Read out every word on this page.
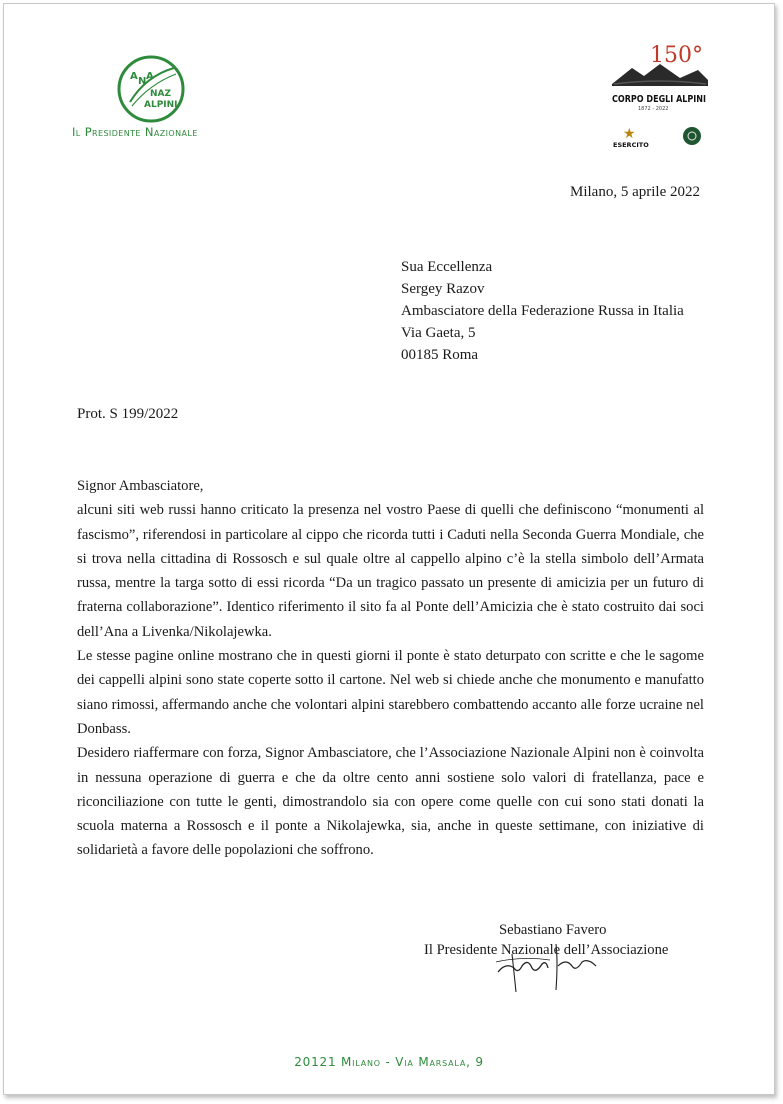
A N A
NAZ
ALPINI
Il Presidente Nazionale
150°
CORPO DEGLI ALPINI
1872 - 2022
★
ESERCITO
Milano, 5 aprile 2022
Sua Eccellenza
Sergey Razov
Ambasciatore della Federazione Russa in Italia
Via Gaeta, 5
00185 Roma
Prot. S 199/2022

Signor Ambasciatore,

alcuni siti web russi hanno criticato la presenza nel vostro Paese di quelli che definiscono “monumenti al fascismo”, riferendosi in particolare al cippo che ricorda tutti i Caduti nella Seconda Guerra Mondiale, che si trova nella cittadina di Rossosch e sul quale oltre al cappello alpino c’è la stella simbolo dell’Armata russa, mentre la targa sotto di essi ricorda “Da un tragico passato un presente di amicizia per un futuro di fraterna collaborazione”. Identico riferimento il sito fa al Ponte dell’Amicizia che è stato costruito dai soci dell’Ana a Livenka/Nikolajewka.

Le stesse pagine online mostrano che in questi giorni il ponte è stato deturpato con scritte e che le sagome dei cappelli alpini sono state coperte sotto il cartone. Nel web si chiede anche che monumento e manufatto siano rimossi, affermando anche che volontari alpini starebbero combattendo accanto alle forze ucraine nel Donbass.

Desidero riaffermare con forza, Signor Ambasciatore, che l’Associazione Nazionale Alpini non è coinvolta in nessuna operazione di guerra e che da oltre cento anni sostiene solo valori di fratellanza, pace e riconciliazione con tutte le genti, dimostrandolo sia con opere come quelle con cui sono stati donati la scuola materna a Rossosch e il ponte a Nikolajewka, sia, anche in queste settimane, con iniziative di solidarietà a favore delle popolazioni che soffrono.

Sebastiano Favero
Il Presidente Nazionale dell’Associazione
20121 Milano - Via Marsala, 9
